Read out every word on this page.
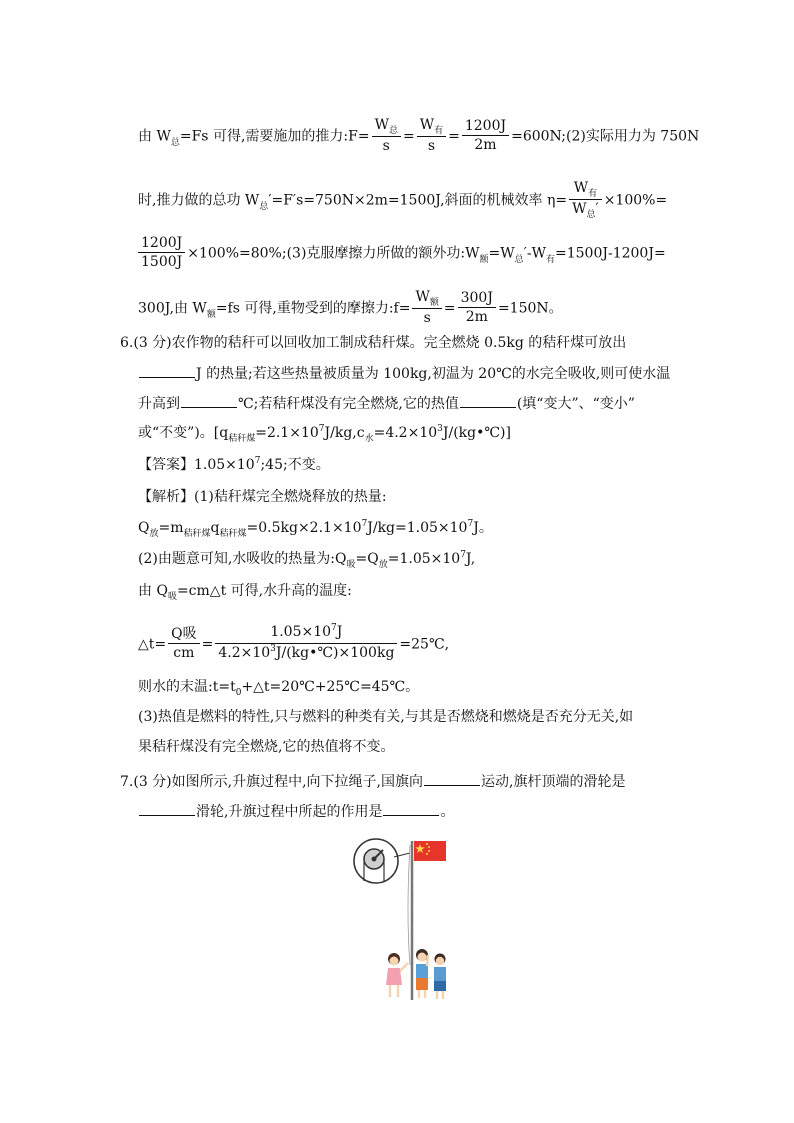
由 $W_总=Fs$ 可得,需要施加的推力:F= $\frac{W_总}{s} = \frac{W_有}{s} = \frac{1200J}{2m}$ =600N;(2)实际用力为 750N
时,推力做的总功 $W_总'=F's=750N\times 2m=1500J$,斜面的机械效率 $\eta= \frac{W_有}{W_总'} \times 100\%=$
$\frac{1200J}{1500J}$ ×100%=80%;(3)克服摩擦力所做的额外功$:W_额=W_总'-W_有=1500J-1200J=$
300J,由 $W_额=fs$ 可得,重物受到的摩擦力:f= $\frac{W_额}{s} = \frac{300J}{2m} =150N$。
6.(3 分)农作物的秸秆可以回收加工制成秸秆煤。完全燃烧 0.5kg 的秸秆煤可放出
J 的热量;若这些热量被质量为 100kg,初温为 20℃的水完全吸收,则可使水温
升高到	℃;若秸秆煤没有完全燃烧,它的热值	(填“变大”、“变小”
或“不变”)。$[q_{秸秆煤}=2.1\times 10^7J/kg,c_水=4.2\times 10^3J/(kg•℃)]$
【答案】$1.05\times 10^7;45$;不变。
【解析】(1)秸秆煤完全燃烧释放的热量:
$Q_放=m_{秸秆煤}q_{秸秆煤}=0.5kg\times 2.1\times 10^7J/kg=1.05\times 10^7J$。
(2)由题意可知,水吸收的热量为$:Q_吸=Q_放=1.05\times 10^7J$,
由 $Q_吸=cm\triangle t$ 可得,水升高的温度:
△t= $\frac{\text{Q吸}}{cm} = \frac{1.05\times 10^7J}{4.2\times 10^3J/(kg•℃)\times 100kg}$ =25℃,
则水的末温$:t=t_0+\triangle t=20℃+25℃=45℃$。
(3)热值是燃料的特性,只与燃料的种类有关,与其是否燃烧和燃烧是否充分无关,如
果秸秆煤没有完全燃烧,它的热值将不变。
7.(3 分)如图所示,升旗过程中,向下拉绳子,国旗向	运动,旗杆顶端的滑轮是
滑轮,升旗过程中所起的作用是	。
